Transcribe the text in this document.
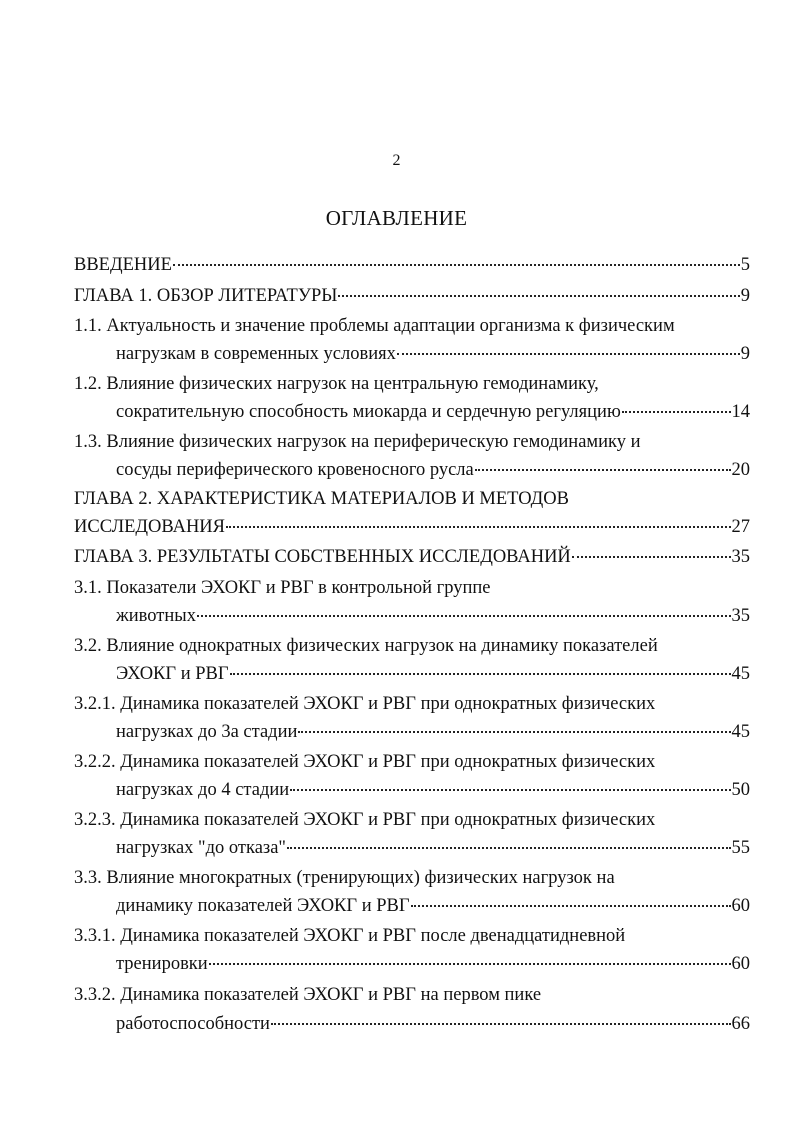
2
ОГЛАВЛЕНИЕ
ВВЕДЕНИЕ	5
ГЛАВА 1. ОБЗОР ЛИТЕРАТУРЫ	9
1.1. Актуальность и значение проблемы адаптации организма к физическим
нагрузкам в современных условиях	9
1.2. Влияние физических нагрузок на центральную гемодинамику,
сократительную способность миокарда и сердечную регуляцию	14
1.3. Влияние физических нагрузок на периферическую гемодинамику и
сосуды периферического кровеносного русла	20
ГЛАВА 2. ХАРАКТЕРИСТИКА МАТЕРИАЛОВ И МЕТОДОВ
ИССЛЕДОВАНИЯ	27
ГЛАВА 3. РЕЗУЛЬТАТЫ СОБСТВЕННЫХ ИССЛЕДОВАНИЙ	35
3.1. Показатели ЭХОКГ и РВГ в контрольной группе
животных	35
3.2. Влияние однократных физических нагрузок на динамику показателей
ЭХОКГ и РВГ	45
3.2.1. Динамика показателей ЭХОКГ и РВГ при однократных физических
нагрузках до 3а стадии	45
3.2.2. Динамика показателей ЭХОКГ и РВГ при однократных физических
нагрузках до 4 стадии	50
3.2.3. Динамика показателей ЭХОКГ и РВГ при однократных физических
нагрузках "до отказа"	55
3.3. Влияние многократных (тренирующих) физических нагрузок на
динамику показателей ЭХОКГ и РВГ	60
3.3.1. Динамика показателей ЭХОКГ и РВГ после двенадцатидневной
тренировки	60
3.3.2. Динамика показателей ЭХОКГ и РВГ на первом пике
работоспособности	66
